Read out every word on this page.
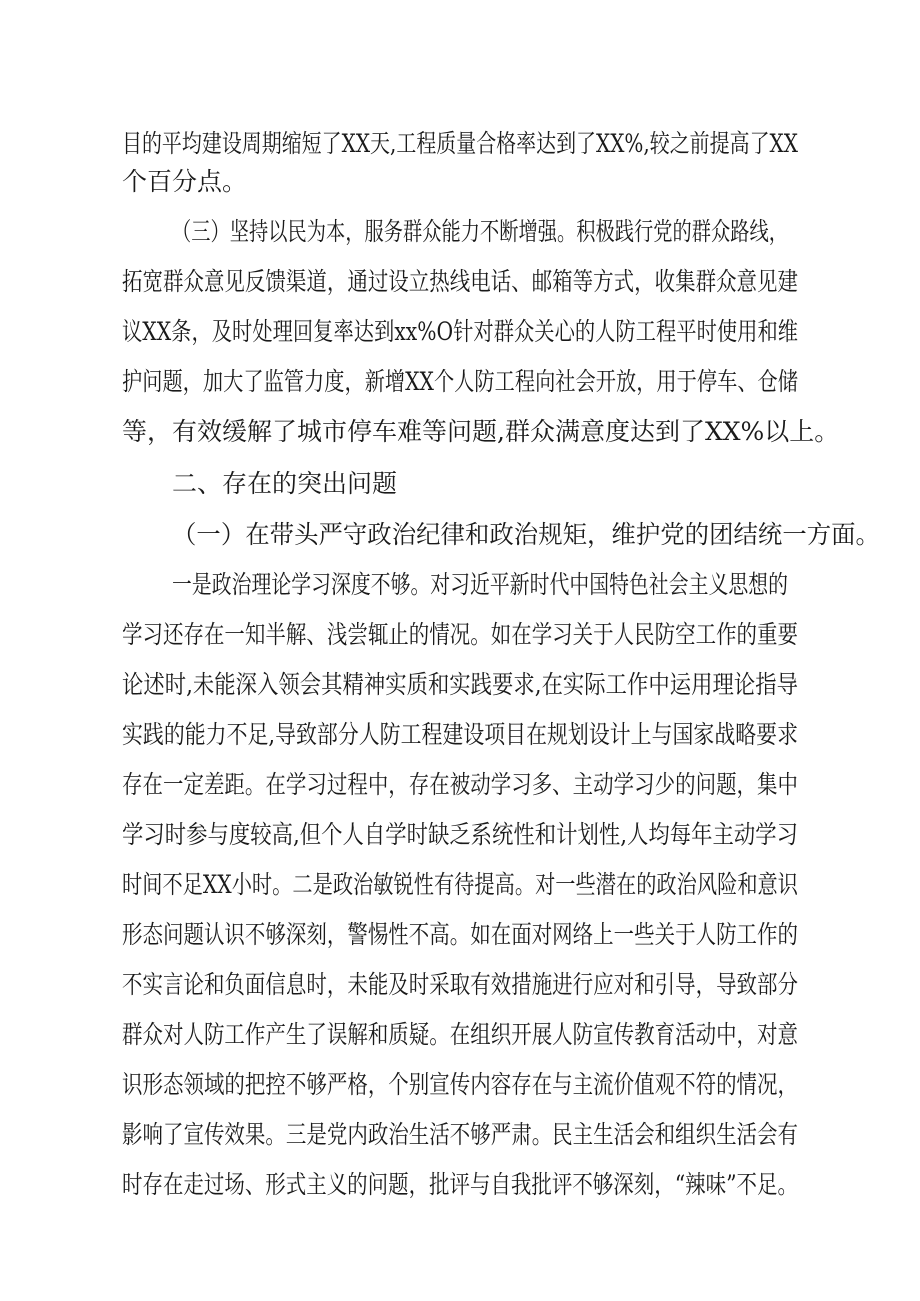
目的平均建设周期缩短了XX天,工程质量合格率达到了XX%,较之前提高了XX
个百分点。
（三）坚持以民为本，服务群众能力不断增强。积极践行党的群众路线，
拓宽群众意见反馈渠道，通过设立热线电话、邮箱等方式，收集群众意见建
议XX条，及时处理回复率达到xx%O针对群众关心的人防工程平时使用和维
护问题，加大了监管力度，新增XX个人防工程向社会开放，用于停车、仓储
等，有效缓解了城市停车难等问题,群众满意度达到了XX%以上。
二、存在的突出问题
（一）在带头严守政治纪律和政治规矩，维护党的团结统一方面。
一是政治理论学习深度不够。对习近平新时代中国特色社会主义思想的
学习还存在一知半解、浅尝辄止的情况。如在学习关于人民防空工作的重要
论述时,未能深入领会其精神实质和实践要求,在实际工作中运用理论指导
实践的能力不足,导致部分人防工程建设项目在规划设计上与国家战略要求
存在一定差距。在学习过程中，存在被动学习多、主动学习少的问题，集中
学习时参与度较高,但个人自学时缺乏系统性和计划性,人均每年主动学习
时间不足XX小时。二是政治敏锐性有待提高。对一些潜在的政治风险和意识
形态问题认识不够深刻，警惕性不高。如在面对网络上一些关于人防工作的
不实言论和负面信息时，未能及时采取有效措施进行应对和引导，导致部分
群众对人防工作产生了误解和质疑。在组织开展人防宣传教育活动中，对意
识形态领域的把控不够严格，个别宣传内容存在与主流价值观不符的情况，
影响了宣传效果。三是党内政治生活不够严肃。民主生活会和组织生活会有
时存在走过场、形式主义的问题，批评与自我批评不够深刻，“辣味”不足。
